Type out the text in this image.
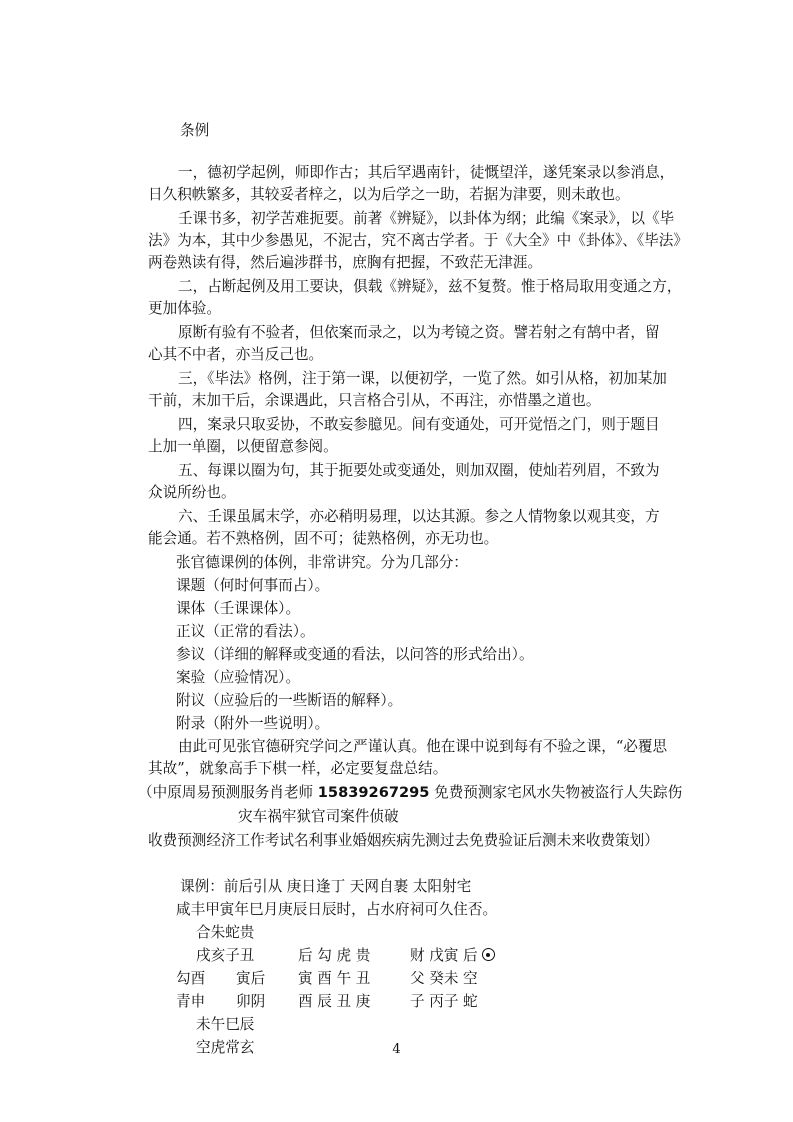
条例
一，德初学起例，师即作古；其后罕遇南针，徒慨望洋，遂凭案录以参消息，
日久积帙繁多，其较妥者梓之，以为后学之一助，若据为津要，则未敢也。
壬课书多，初学苦难扼要。前著《辨疑》，以卦体为纲；此编《案录》，以《毕
法》为本，其中少参愚见，不泥古，究不离古学者。于《大全》中《卦体》、《毕法》
两卷熟读有得，然后遍涉群书，庶胸有把握，不致茫无津涯。
二，占断起例及用工要诀，俱载《辨疑》，兹不复赘。惟于格局取用变通之方，
更加体验。
原断有验有不验者，但依案而录之，以为考镜之资。譬若射之有鹄中者，留
心其不中者，亦当反己也。
三，《毕法》格例，注于第一课，以便初学，一览了然。如引从格，初加某加
干前，末加干后，余课遇此，只言格合引从，不再注，亦惜墨之道也。
四，案录只取妥协，不敢妄参臆见。间有变通处，可开觉悟之门，则于题目
上加一单圈，以便留意参阅。
五、每课以圈为句，其于扼要处或变通处，则加双圈，使灿若列眉，不致为
众说所纷也。
六、壬课虽属末学，亦必稍明易理，以达其源。参之人情物象以观其变，方
能会通。若不熟格例，固不可；徒熟格例，亦无功也。
张官德课例的体例，非常讲究。分为几部分：
课题（何时何事而占）。
课体（壬课课体）。
正议（正常的看法）。
参议（详细的解释或变通的看法，以问答的形式给出）。
案验（应验情况）。
附议（应验后的一些断语的解释）。
附录（附外一些说明）。
由此可见张官德研究学问之严谨认真。他在课中说到每有不验之课，“必覆思
其故”，就象高手下棋一样，必定要复盘总结。
（中原周易预测服务肖老师 15839267295 免费预测家宅风水失物被盗行人失踪伤
灾车祸牢狱官司案件侦破
收费预测经济工作考试名利事业婚姻疾病先测过去免费验证后测未来收费策划）
课例：前后引从 庚日逢丁 天网自裹 太阳射宅
咸丰甲寅年巳月庚辰日辰时，占水府祠可久住否。
合朱蛇贵
戌亥子丑
勾酉 寅后
青申 卯阴
未午巳辰
后 勾 虎 贵
寅 酉 午 丑
酉 辰 丑 庚
财 戊寅 后
父 癸未 空
子 丙子 蛇
空虎常玄	4
